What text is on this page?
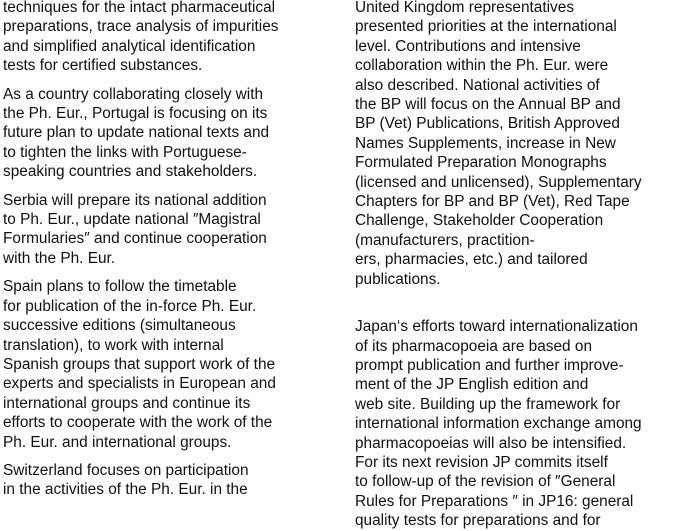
techniques for the intact pharmaceutical
preparations, trace analysis of impurities
and simplified analytical identification
tests for certified substances.

As a country collaborating closely with
the Ph. Eur., Portugal is focusing on its
future plan to update national texts and
to tighten the links with Portuguese-
speaking countries and stakeholders.

Serbia will prepare its national addition
to Ph. Eur., update national ″Magistral
Formularies″ and continue cooperation
with the Ph. Eur.

Spain plans to follow the timetable
for publication of the in-force Ph. Eur.
successive editions (simultaneous
translation), to work with internal
Spanish groups that support work of the
experts and specialists in European and
international groups and continue its
efforts to cooperate with the work of the
Ph. Eur. and international groups.

Switzerland focuses on participation
in the activities of the Ph. Eur. in the

United Kingdom representatives
presented priorities at the international
level. Contributions and intensive
collaboration within the Ph. Eur. were
also described. National activities of
the BP will focus on the Annual BP and
BP (Vet) Publications, British Approved
Names Supplements, increase in New
Formulated Preparation Monographs
(licensed and unlicensed), Supplementary
Chapters for BP and BP (Vet), Red Tape
Challenge, Stakeholder Cooperation
(manufacturers, practition-
ers, pharmacies, etc.) and tailored
publications.

Japan‘s efforts toward internationalization
of its pharmacopoeia are based on
prompt publication and further improve-
ment of the JP English edition and
web site. Building up the framework for
international information exchange among
pharmacopoeias will also be intensified.
For its next revision JP commits itself
to follow-up of the revision of ″General
Rules for Preparations ″ in JP16: general
quality tests for preparations and for
